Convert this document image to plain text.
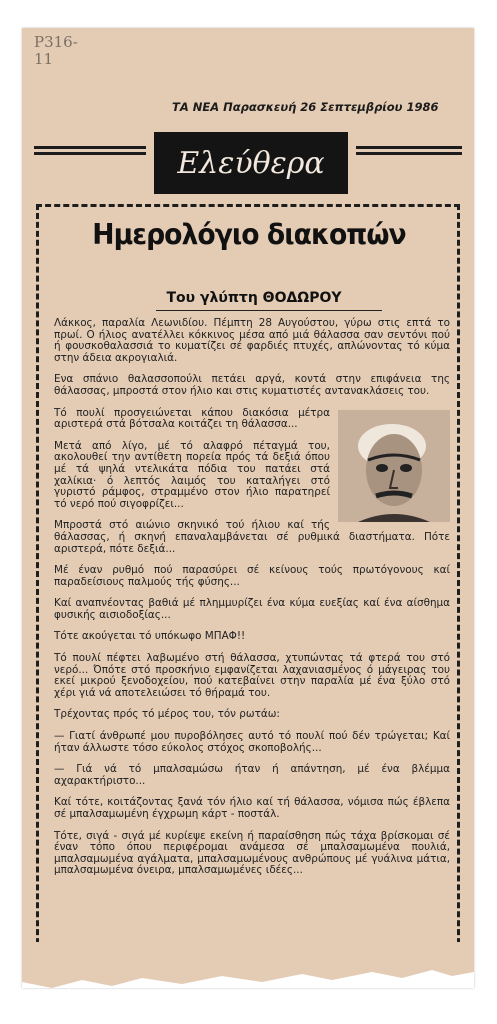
Ρ316-
11
ΤΑ ΝΕΑ Παρασκευή 26 Σεπτεμβρίου 1986
Ελεύθερα
Ημερολόγιο διακοπών
Του γλύπτη ΘΟΔΩΡΟΥ

Λάκκος, παραλία Λεωνιδίου. Πέμπτη 28 Αυγούστου, γύρω στις επτά το πρωί. Ο ήλιος ανατέλλει κόκκινος μέσα από μιά θάλασσα σαν σεντόνι πού ή φουσκοθαλασσιά το κυματίζει σέ φαρδιές πτυχές, απλώνοντας τό κύμα στην άδεια ακρογιαλιά.

Ενα σπάνιο θαλασσοπούλι πετάει αργά, κοντά στην επιφάνεια της θάλασσας, μπροστά στον ήλιο και στις κυματιστές αντανακλάσεις του.

Τό πουλί προσγειώνεται κάπου διακόσια μέτρα αριστερά στά βότσαλα κοιτάζει τη θάλασσα...

Μετά από λίγο, μέ τό αλαφρό πέταγμά του, ακολουθεί την αντίθετη πορεία πρός τά δεξιά όπου μέ τά ψηλά ντελικάτα πόδια του πατάει στά χαλίκια· ό λεπτός λαιμός του καταλήγει στό γυριστό ράμφος, στραμμένο στον ήλιο παρατηρεί τό νερό πού σιγοφρίζει...

Μπροστά στό αιώνιο σκηνικό τού ήλιου καί τής θάλασσας, ή σκηνή επαναλαμβάνεται σέ ρυθμικά διαστήματα. Πότε αριστερά, πότε δεξιά...

Μέ έναν ρυθμό πού παρασύρει σέ κείνους τούς πρωτόγονους καί παραδείσιους παλμούς τής φύσης...

Καί αναπνέοντας βαθιά μέ πλημμυρίζει ένα κύμα ευεξίας καί ένα αίσθημα φυσικής αισιοδοξίας...

Τότε ακούγεται τό υπόκωφο ΜΠΑΦ!!

Τό πουλί πέφτει λαβωμένο στή θάλασσα, χτυπώντας τά φτερά του στό νερό... Όπότε στό προσκήνιο εμφανίζεται λαχανιασμένος ό μάγειρας του εκεί μικρού ξενοδοχείου, πού κατεβαίνει στην παραλία μέ ένα ξύλο στό χέρι γιά νά αποτελειώσει τό θήραμά του.

Τρέχοντας πρός τό μέρος του, τόν ρωτάω:

— Γιατί άνθρωπέ μου πυροβόλησες αυτό τό πουλί πού δέν τρώγεται; Καί ήταν άλλωστε τόσο εύκολος στόχος σκοποβολής...

— Γιά νά τό μπαλσαμώσω ήταν ή απάντηση, μέ ένα βλέμμα αχαρακτήριστο...

Καί τότε, κοιτάζοντας ξανά τόν ήλιο καί τή θάλασσα, νόμισα πώς έβλεπα σέ μπαλσαμωμένη έγχρωμη κάρτ - ποστάλ.

Τότε, σιγά - σιγά μέ κυρίεψε εκείνη ή παραίσθηση πώς τάχα βρίσκομαι σέ έναν τόπο όπου περιφέρομαι ανάμεσα σέ μπαλσαμωμένα πουλιά, μπαλσαμωμένα αγάλματα, μπαλσαμωμένους ανθρώπους μέ γυάλινα μάτια, μπαλσαμωμένα όνειρα, μπαλσαμωμένες ιδέες...
